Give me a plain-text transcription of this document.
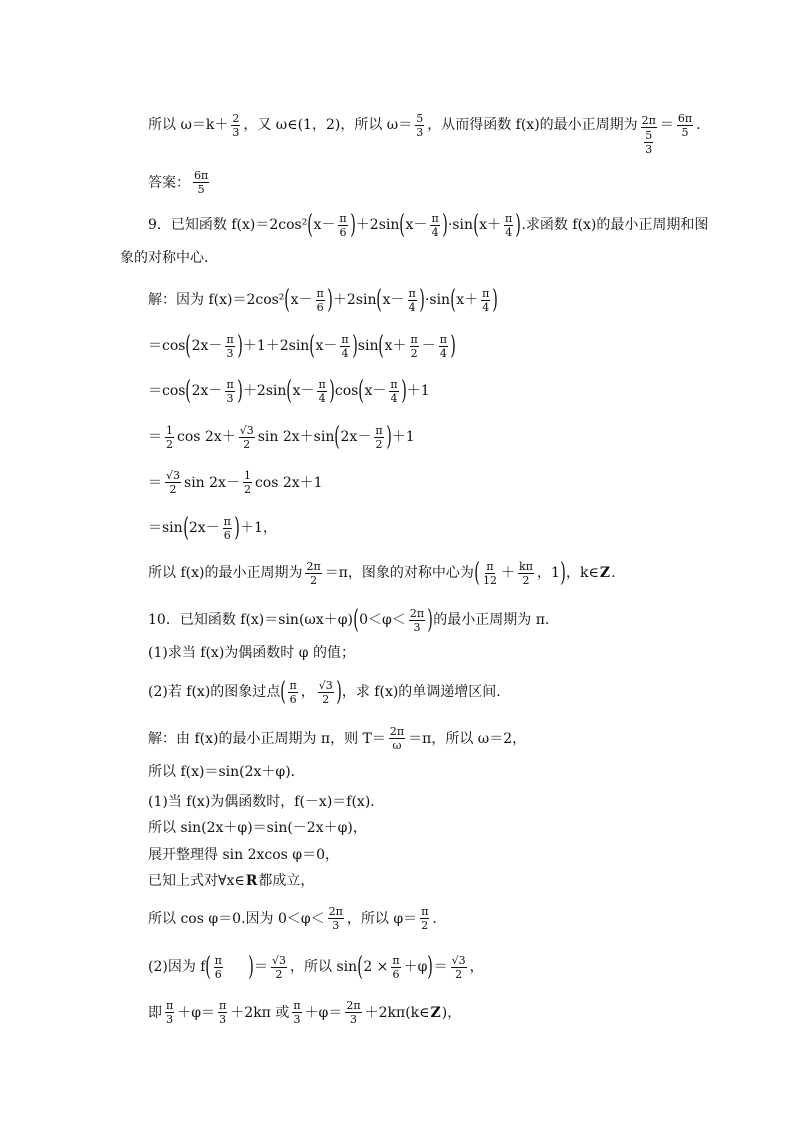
所以 $\omega=k+ \frac{2}{3}$ ，又 ω∈(1，2)，所以 $\omega= \frac{5}{3}$ ，从而得函数 f(x)的最小正周期为 $\frac{2\pi}{\frac{5}{3}} = \frac{6\pi}{5}$ .
答案： $\frac{6\pi}{5}$
9．已知函数 f(x)＝2cos² ( $x- \frac{\pi}{6}$ ) ＋2sin ( $x- \frac{\pi}{4}$ ) ·sin ( $x+ \frac{\pi}{4}$ ) .求函数 f(x)的最小正周期和图
象的对称中心．
解：因为 f(x)＝2cos² ( $x- \frac{\pi}{6}$ ) ＋2sin ( $x- \frac{\pi}{4}$ ) ·sin ( $x+ \frac{\pi}{4}$ )
＝cos ( $2x- \frac{\pi}{3}$ ) ＋1＋2sin ( $x- \frac{\pi}{4}$ ) sin ( $x+ \frac{\pi}{2} - \frac{\pi}{4}$ )
＝cos ( $2x- \frac{\pi}{3}$ ) ＋2sin ( $x- \frac{\pi}{4}$ ) cos ( $x- \frac{\pi}{4}$ ) ＋1
＝ $\frac{1}{2}$ $\cos 2x+ \frac{√3}{2}$ sin 2x＋sin ( $2x- \frac{\pi}{2}$ ) ＋1
＝ $\frac{√3}{2}$ $\sin 2x- \frac{1}{2}$ cos 2x＋1
＝sin ( $2x- \frac{\pi}{6}$ ) ＋1，
所以 f(x)的最小正周期为 $\frac{2\pi}{2} =\pi$，图象的对称中心为 ( $\frac{\pi}{12} + \frac{k\pi}{2}$ ，1 ) ，k∈ Z .
10．已知函数 f(x)＝sin(ωx＋φ) ( $0<\varphi< \frac{2\pi}{3}$ ) 的最小正周期为 π.
(1)求当 f(x)为偶函数时 φ 的值；
(2)若 f(x)的图象过点 ( $\frac{\pi}{6}$ ， $\frac{√3}{2}$ ) ，求 f(x)的单调递增区间．
解：由 f(x)的最小正周期为 π，则 $T= \frac{2\pi}{\omega} =\pi$，所以 ω＝2，
所以 f(x)＝sin(2x＋φ)．
(1)当 f(x)为偶函数时，f(－x)＝f(x)．
所以 sin(2x＋φ)＝sin(－2x＋φ)，
展开整理得 sin 2xcos φ＝0，
已知上式对∀x∈ R 都成立，
所以 cos φ＝0.因为 $0<\varphi< \frac{2\pi}{3}$ ，所以 $\varphi= \frac{\pi}{2}$ .
(2)因为 f ( $\frac{\pi}{6}$ ) ＝ $\frac{√3}{2}$ ，所以 sin ( $2 \times \frac{\pi}{6} +\varphi$ ) ＝ $\frac{√3}{2}$ ，
即 $\frac{\pi}{3} +\varphi= \frac{\pi}{3} +2k\pi$ 或 $\frac{\pi}{3} +\varphi= \frac{2\pi}{3}$ ＋2kπ(k∈ Z )，
